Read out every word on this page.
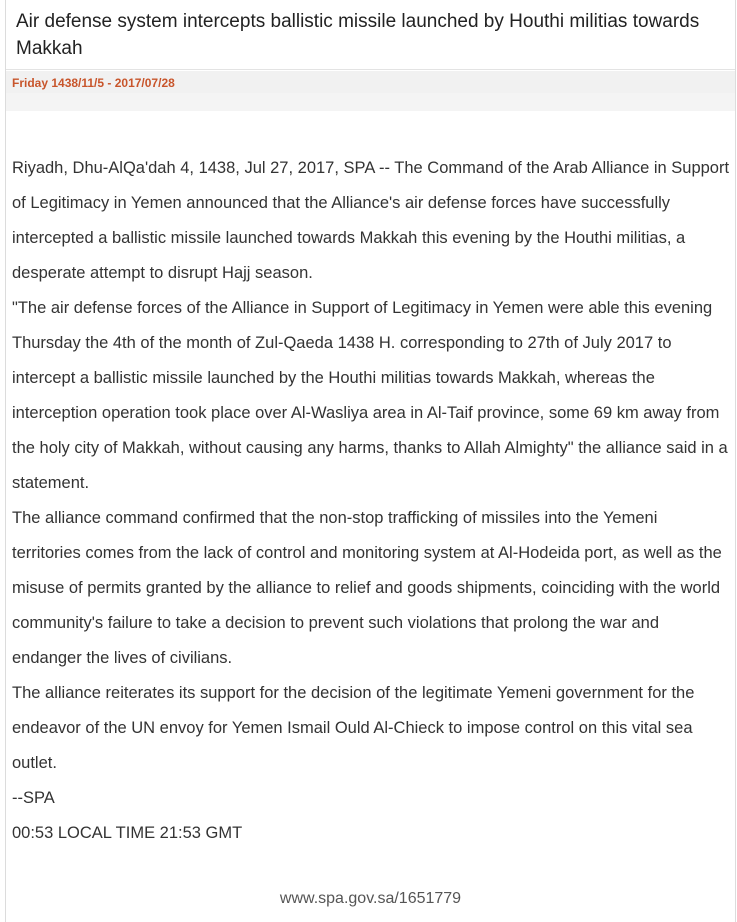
Air defense system intercepts ballistic missile launched by Houthi militias towards Makkah
Friday 1438/11/5 - 2017/07/28

Riyadh, Dhu-AlQa'dah 4, 1438, Jul 27, 2017, SPA -- The Command of the Arab Alliance in Support of Legitimacy in Yemen announced that the Alliance's air defense forces have successfully intercepted a ballistic missile launched towards Makkah this evening by the Houthi militias, a desperate attempt to disrupt Hajj season.

"The air defense forces of the Alliance in Support of Legitimacy in Yemen were able this evening Thursday the 4th of the month of Zul-Qaeda 1438 H. corresponding to 27th of July 2017 to intercept a ballistic missile launched by the Houthi militias towards Makkah, whereas the interception operation took place over Al-Wasliya area in Al-Taif province, some 69 km away from the holy city of Makkah, without causing any harms, thanks to Allah Almighty" the alliance said in a statement.

The alliance command confirmed that the non-stop trafficking of missiles into the Yemeni territories comes from the lack of control and monitoring system at Al-Hodeida port, as well as the misuse of permits granted by the alliance to relief and goods shipments, coinciding with the world community's failure to take a decision to prevent such violations that prolong the war and endanger the lives of civilians.

The alliance reiterates its support for the decision of the legitimate Yemeni government for the endeavor of the UN envoy for Yemen Ismail Ould Al-Chieck to impose control on this vital sea outlet.

--SPA

00:53 LOCAL TIME 21:53 GMT

www.spa.gov.sa/1651779
